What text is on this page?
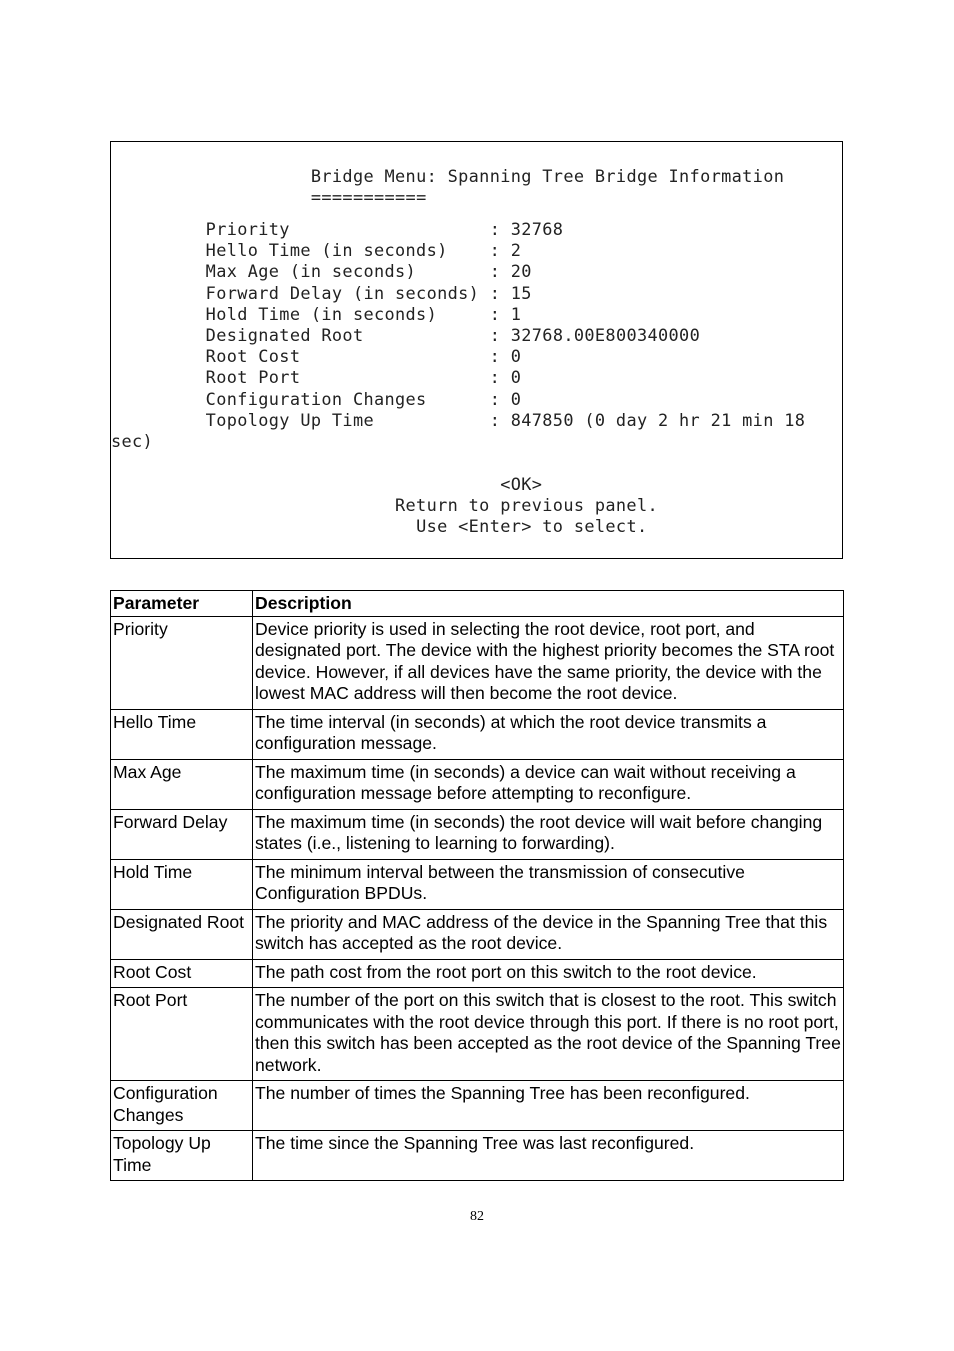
Bridge Menu: Spanning Tree Bridge Information
===========
Priority                   : 32768
Hello Time (in seconds)    : 2
Max Age (in seconds)       : 20
Forward Delay (in seconds) : 15
Hold Time (in seconds)     : 1
Designated Root            : 32768.00E800340000
Root Cost                  : 0
Root Port                  : 0
Configuration Changes      : 0
Topology Up Time           : 847850 (0 day 2 hr 21 min 18
sec)
<OK>
Return to previous panel.
Use <Enter> to select.
Parameter	Description
Priority	Device priority is used in selecting the root device, root port, and designated port. The device with the highest priority becomes the STA root device. However, if all devices have the same priority, the device with the lowest MAC address will then become the root device.
Hello Time	The time interval (in seconds) at which the root device transmits a configuration message.
Max Age	The maximum time (in seconds) a device can wait without receiving a configuration message before attempting to reconfigure.
Forward Delay	The maximum time (in seconds) the root device will wait before changing states (i.e., listening to learning to forwarding).
Hold Time	The minimum interval between the transmission of consecutive Configuration BPDUs.
Designated Root	The priority and MAC address of the device in the Spanning Tree that this switch has accepted as the root device.
Root Cost	The path cost from the root port on this switch to the root device.
Root Port	The number of the port on this switch that is closest to the root. This switch communicates with the root device through this port. If there is no root port, then this switch has been accepted as the root device of the Spanning Tree network.
Configuration Changes	The number of times the Spanning Tree has been reconfigured.
Topology Up Time	The time since the Spanning Tree was last reconfigured.
82
